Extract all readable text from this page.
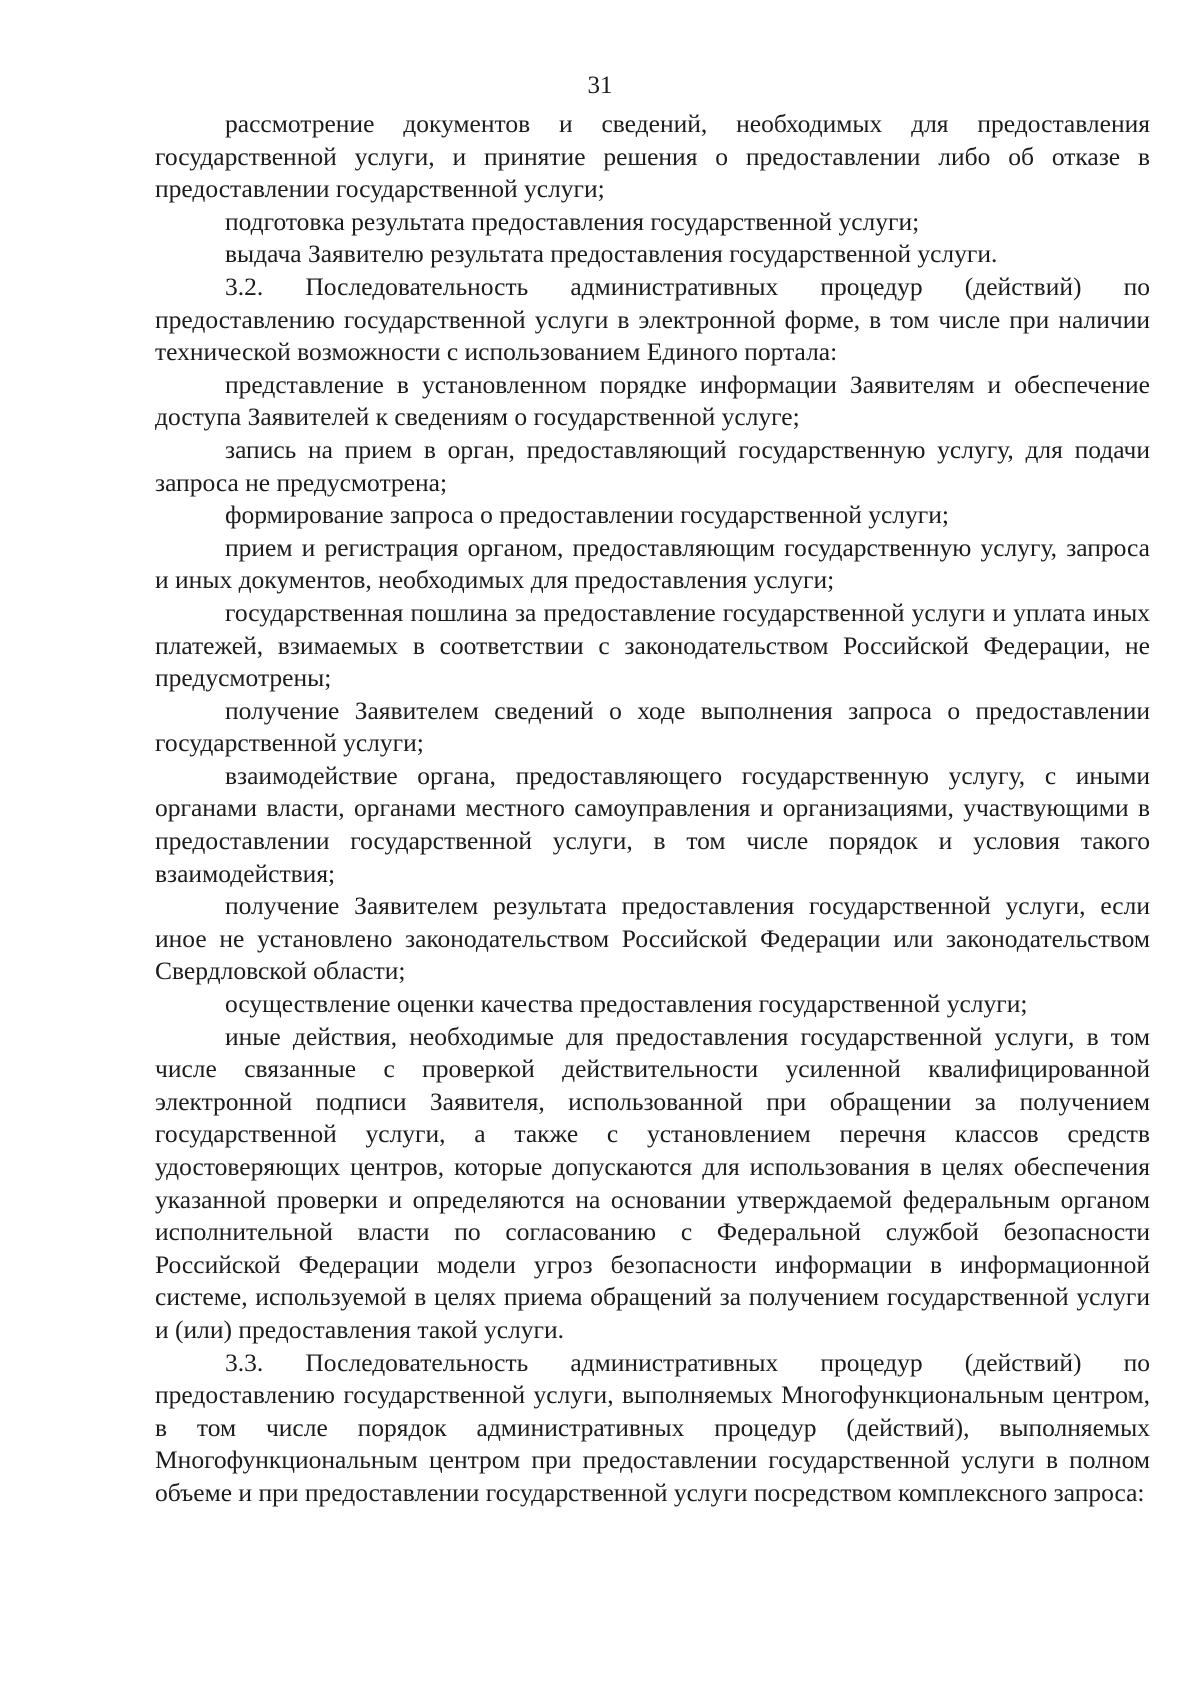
31

рассмотрение документов и сведений, необходимых для предоставления государственной услуги, и принятие решения о предоставлении либо об отказе в предоставлении государственной услуги;

подготовка результата предоставления государственной услуги;

выдача Заявителю результата предоставления государственной услуги.

3.2. Последовательность административных процедур (действий) по предоставлению государственной услуги в электронной форме, в том числе при наличии технической возможности с использованием Единого портала:

представление в установленном порядке информации Заявителям и обеспечение доступа Заявителей к сведениям о государственной услуге;

запись на прием в орган, предоставляющий государственную услугу, для подачи запроса не предусмотрена;

формирование запроса о предоставлении государственной услуги;

прием и регистрация органом, предоставляющим государственную услугу, запроса и иных документов, необходимых для предоставления услуги;

государственная пошлина за предоставление государственной услуги и уплата иных платежей, взимаемых в соответствии с законодательством Российской Федерации, не предусмотрены;

получение Заявителем сведений о ходе выполнения запроса о предоставлении государственной услуги;

взаимодействие органа, предоставляющего государственную услугу, с иными органами власти, органами местного самоуправления и организациями, участвующими в предоставлении государственной услуги, в том числе порядок и условия такого взаимодействия;

получение Заявителем результата предоставления государственной услуги, если иное не установлено законодательством Российской Федерации или законодательством Свердловской области;

осуществление оценки качества предоставления государственной услуги;

иные действия, необходимые для предоставления государственной услуги, в том числе связанные с проверкой действительности усиленной квалифицированной электронной подписи Заявителя, использованной при обращении за получением государственной услуги, а также с установлением перечня классов средств удостоверяющих центров, которые допускаются для использования в целях обеспечения указанной проверки и определяются на основании утверждаемой федеральным органом исполнительной власти по согласованию с Федеральной службой безопасности Российской Федерации модели угроз безопасности информации в информационной системе, используемой в целях приема обращений за получением государственной услуги и (или) предоставления такой услуги.

3.3. Последовательность административных процедур (действий) по предоставлению государственной услуги, выполняемых Многофункциональным центром, в том числе порядок административных процедур (действий), выполняемых Многофункциональным центром при предоставлении государственной услуги в полном объеме и при предоставлении государственной услуги посредством комплексного запроса:
